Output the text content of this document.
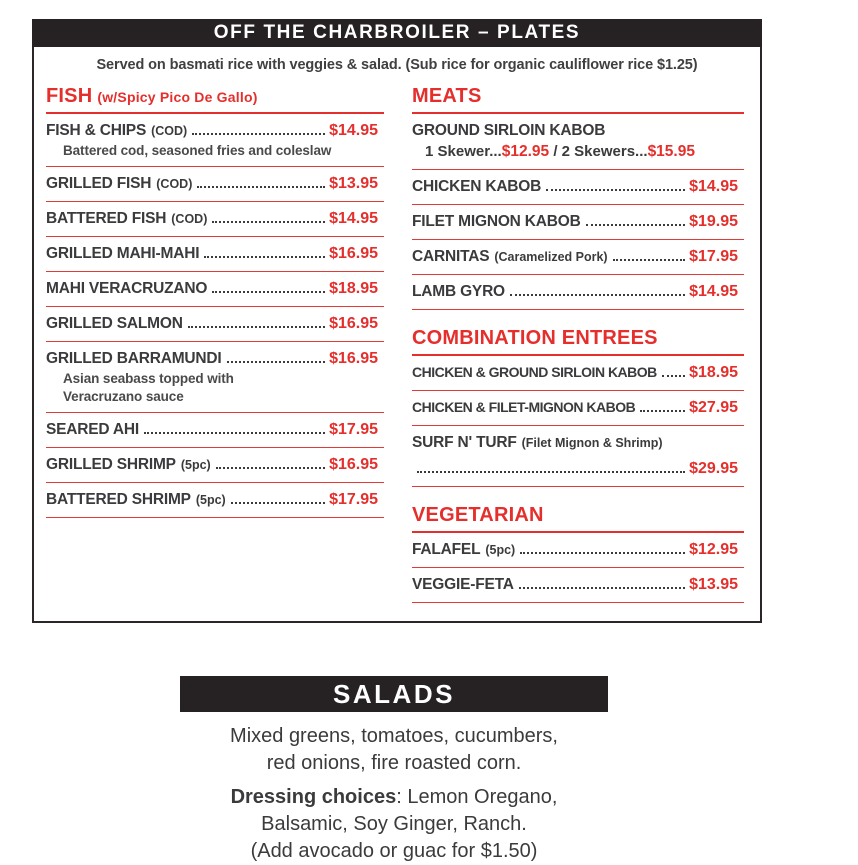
OFF THE CHARBROILER – PLATES
Served on basmati rice with veggies & salad. (Sub rice for organic cauliflower rice $1.25)
FISH (w/Spicy Pico De Gallo)
FISH & CHIPS (COD)	$14.95
Battered cod, seasoned fries and coleslaw
GRILLED FISH (COD)	$13.95
BATTERED FISH (COD)	$14.95
GRILLED MAHI-MAHI	$16.95
MAHI VERACRUZANO	$18.95
GRILLED SALMON	$16.95
GRILLED BARRAMUNDI	$16.95
Asian seabass topped with
Veracruzano sauce
SEARED AHI	$17.95
GRILLED SHRIMP (5pc)	$16.95
BATTERED SHRIMP (5pc)	$17.95
MEATS
GROUND SIRLOIN KABOB
1 Skewer... $12.95 / 2 Skewers... $15.95
CHICKEN KABOB	$14.95
FILET MIGNON KABOB	$19.95
CARNITAS (Caramelized Pork)	$17.95
LAMB GYRO	$14.95
COMBINATION ENTREES
CHICKEN & GROUND SIRLOIN KABOB $18.95
CHICKEN & FILET-MIGNON KABOB	$27.95
SURF N' TURF (Filet Mignon & Shrimp)
$29.95
VEGETARIAN
FALAFEL (5pc)	$12.95
VEGGIE-FETA	$13.95
SALADS
Mixed greens, tomatoes, cucumbers,
red onions, fire roasted corn.
Dressing choices: Lemon Oregano,
Balsamic, Soy Ginger, Ranch.
(Add avocado or guac for $1.50)
